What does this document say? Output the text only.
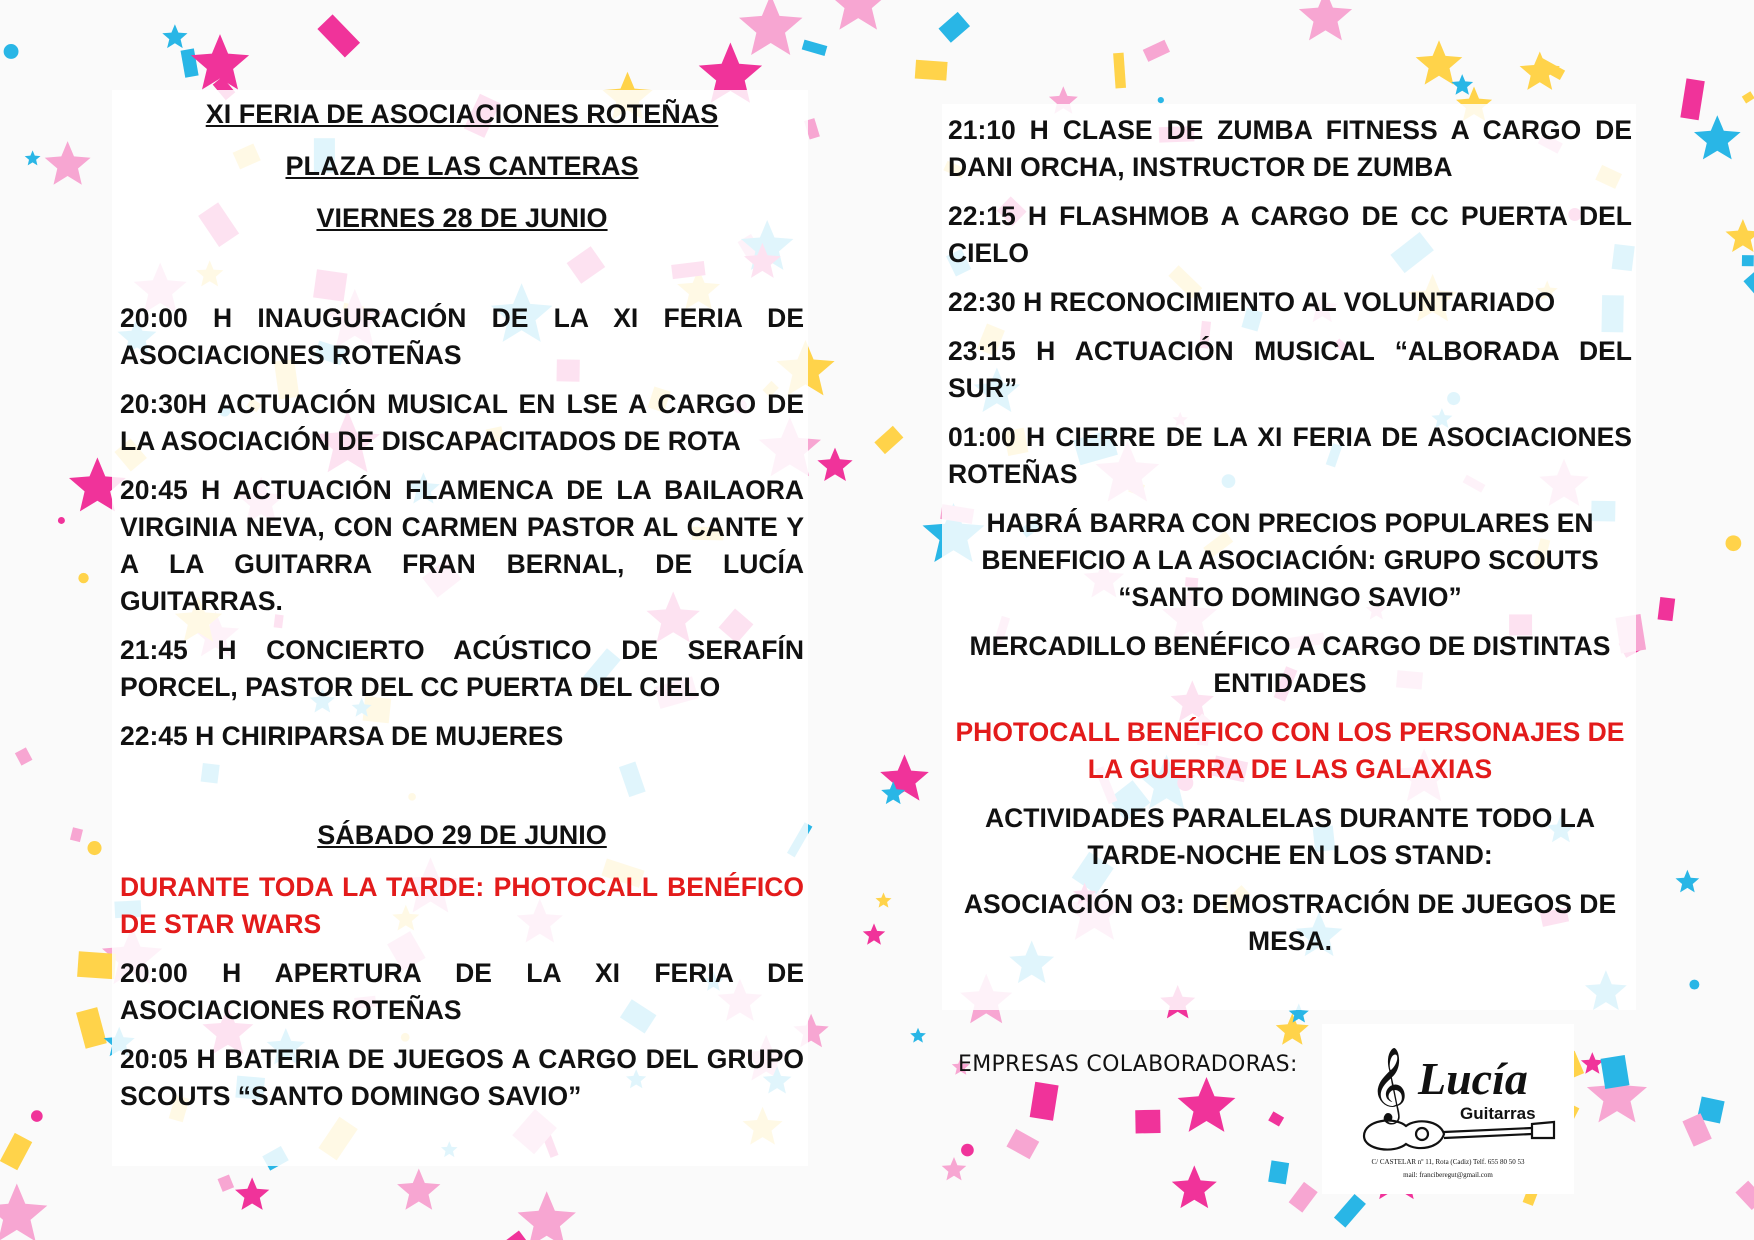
XI FERIA DE ASOCIACIONES ROTEÑAS
PLAZA DE LAS CANTERAS
VIERNES 28 DE JUNIO
20:00 H INAUGURACIÓN DE LA XI FERIA DE ASOCIACIONES ROTEÑAS
20:30H ACTUACIÓN MUSICAL EN LSE A CARGO DE LA ASOCIACIÓN DE DISCAPACITADOS DE ROTA
20:45 H ACTUACIÓN FLAMENCA DE LA BAILAORA VIRGINIA NEVA, CON CARMEN PASTOR AL CANTE Y A LA GUITARRA FRAN BERNAL, DE LUCÍA GUITARRAS.
21:45 H CONCIERTO ACÚSTICO DE SERAFÍN PORCEL, PASTOR DEL CC PUERTA DEL CIELO
22:45 H CHIRIPARSA DE MUJERES
SÁBADO 29 DE JUNIO
DURANTE TODA LA TARDE: PHOTOCALL BENÉFICO DE STAR WARS
20:00 H APERTURA DE LA XI FERIA DE ASOCIACIONES ROTEÑAS
20:05 H BATERIA DE JUEGOS A CARGO DEL GRUPO SCOUTS “SANTO DOMINGO SAVIO”
21:10 H CLASE DE ZUMBA FITNESS A CARGO DE DANI ORCHA, INSTRUCTOR DE ZUMBA
22:15 H FLASHMOB A CARGO DE CC PUERTA DEL CIELO
22:30 H RECONOCIMIENTO AL VOLUNTARIADO
23:15 H ACTUACIÓN MUSICAL “ALBORADA DEL SUR”
01:00 H CIERRE DE LA XI FERIA DE ASOCIACIONES ROTEÑAS
HABRÁ BARRA CON PRECIOS POPULARES EN BENEFICIO A LA ASOCIACIÓN: GRUPO SCOUTS “SANTO DOMINGO SAVIO”
MERCADILLO BENÉFICO A CARGO DE DISTINTAS ENTIDADES
PHOTOCALL BENÉFICO CON LOS PERSONAJES DE LA GUERRA DE LAS GALAXIAS
ACTIVIDADES PARALELAS DURANTE TODO LA TARDE-NOCHE EN LOS STAND:
ASOCIACIÓN O3: DEMOSTRACIÓN DE JUEGOS DE MESA.
EMPRESAS COLABORADORAS: 𝄞 Lucía
Guitarras
C/ CASTELAR nº 11, Rota (Cadiz) Telf. 655 80 50 53
mail: franciberegut@gmail.com
